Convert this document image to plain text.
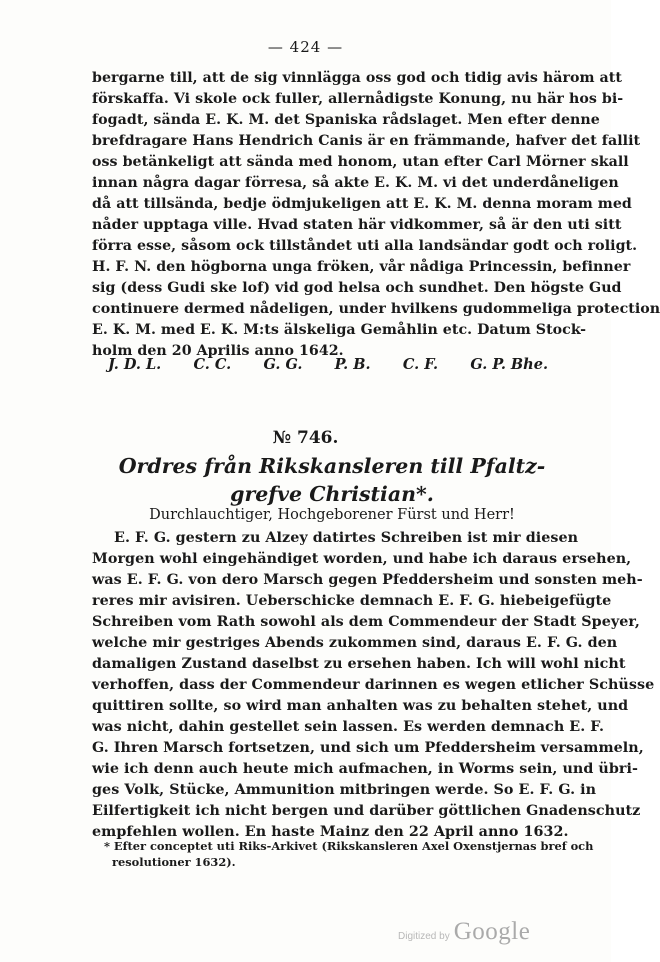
— 424 —
bergarne till, att de sig vinnlägga oss god och tidig avis härom att
förskaffa. Vi skole ock fuller, allernådigste Konung, nu här hos bi-
fogadt, sända E. K. M. det Spaniska rådslaget. Men efter denne
brefdragare Hans Hendrich Canis är en främmande, hafver det fallit
oss betänkeligt att sända med honom, utan efter Carl Mörner skall
innan några dagar förresa, så akte E. K. M. vi det underdåneligen
då att tillsända, bedje ödmjukeligen att E. K. M. denna moram med
nåder upptaga ville. Hvad staten här vidkommer, så är den uti sitt
förra esse, såsom ock tillståndet uti alla landsändar godt och roligt.
H. F. N. den högborna unga fröken, vår nådiga Princessin, befinner
sig (dess Gudi ske lof) vid god helsa och sundhet. Den högste Gud
continuere dermed nådeligen, under hvilkens gudommeliga protection
E. K. M. med E. K. M:ts älskeliga Gemåhlin etc. Datum Stock-
holm den 20 Aprilis anno 1642.
J. D. L. C. C. G. G. P. B. C. F. G. P. Bhe.
№ 746.
Ordres från Rikskansleren till Pfaltz-
grefve Christian*.
Durchlauchtiger, Hochgeborener Fürst und Herr!
E. F. G. gestern zu Alzey datirtes Schreiben ist mir diesen
Morgen wohl eingehändiget worden, und habe ich daraus ersehen,
was E. F. G. von dero Marsch gegen Pfeddersheim und sonsten meh-
reres mir avisiren. Ueberschicke demnach E. F. G. hiebeigefügte
Schreiben vom Rath sowohl als dem Commendeur der Stadt Speyer,
welche mir gestriges Abends zukommen sind, daraus E. F. G. den
damaligen Zustand daselbst zu ersehen haben. Ich will wohl nicht
verhoffen, dass der Commendeur darinnen es wegen etlicher Schüsse
quittiren sollte, so wird man anhalten was zu behalten stehet, und
was nicht, dahin gestellet sein lassen. Es werden demnach E. F.
G. Ihren Marsch fortsetzen, und sich um Pfeddersheim versammeln,
wie ich denn auch heute mich aufmachen, in Worms sein, und übri-
ges Volk, Stücke, Ammunition mitbringen werde. So E. F. G. in
Eilfertigkeit ich nicht bergen und darüber göttlichen Gnadenschutz
empfehlen wollen. En haste Mainz den 22 April anno 1632.
* Efter conceptet uti Riks-Arkivet (Rikskansleren Axel Oxenstjernas bref och
resolutioner 1632).
Digitized by Google
